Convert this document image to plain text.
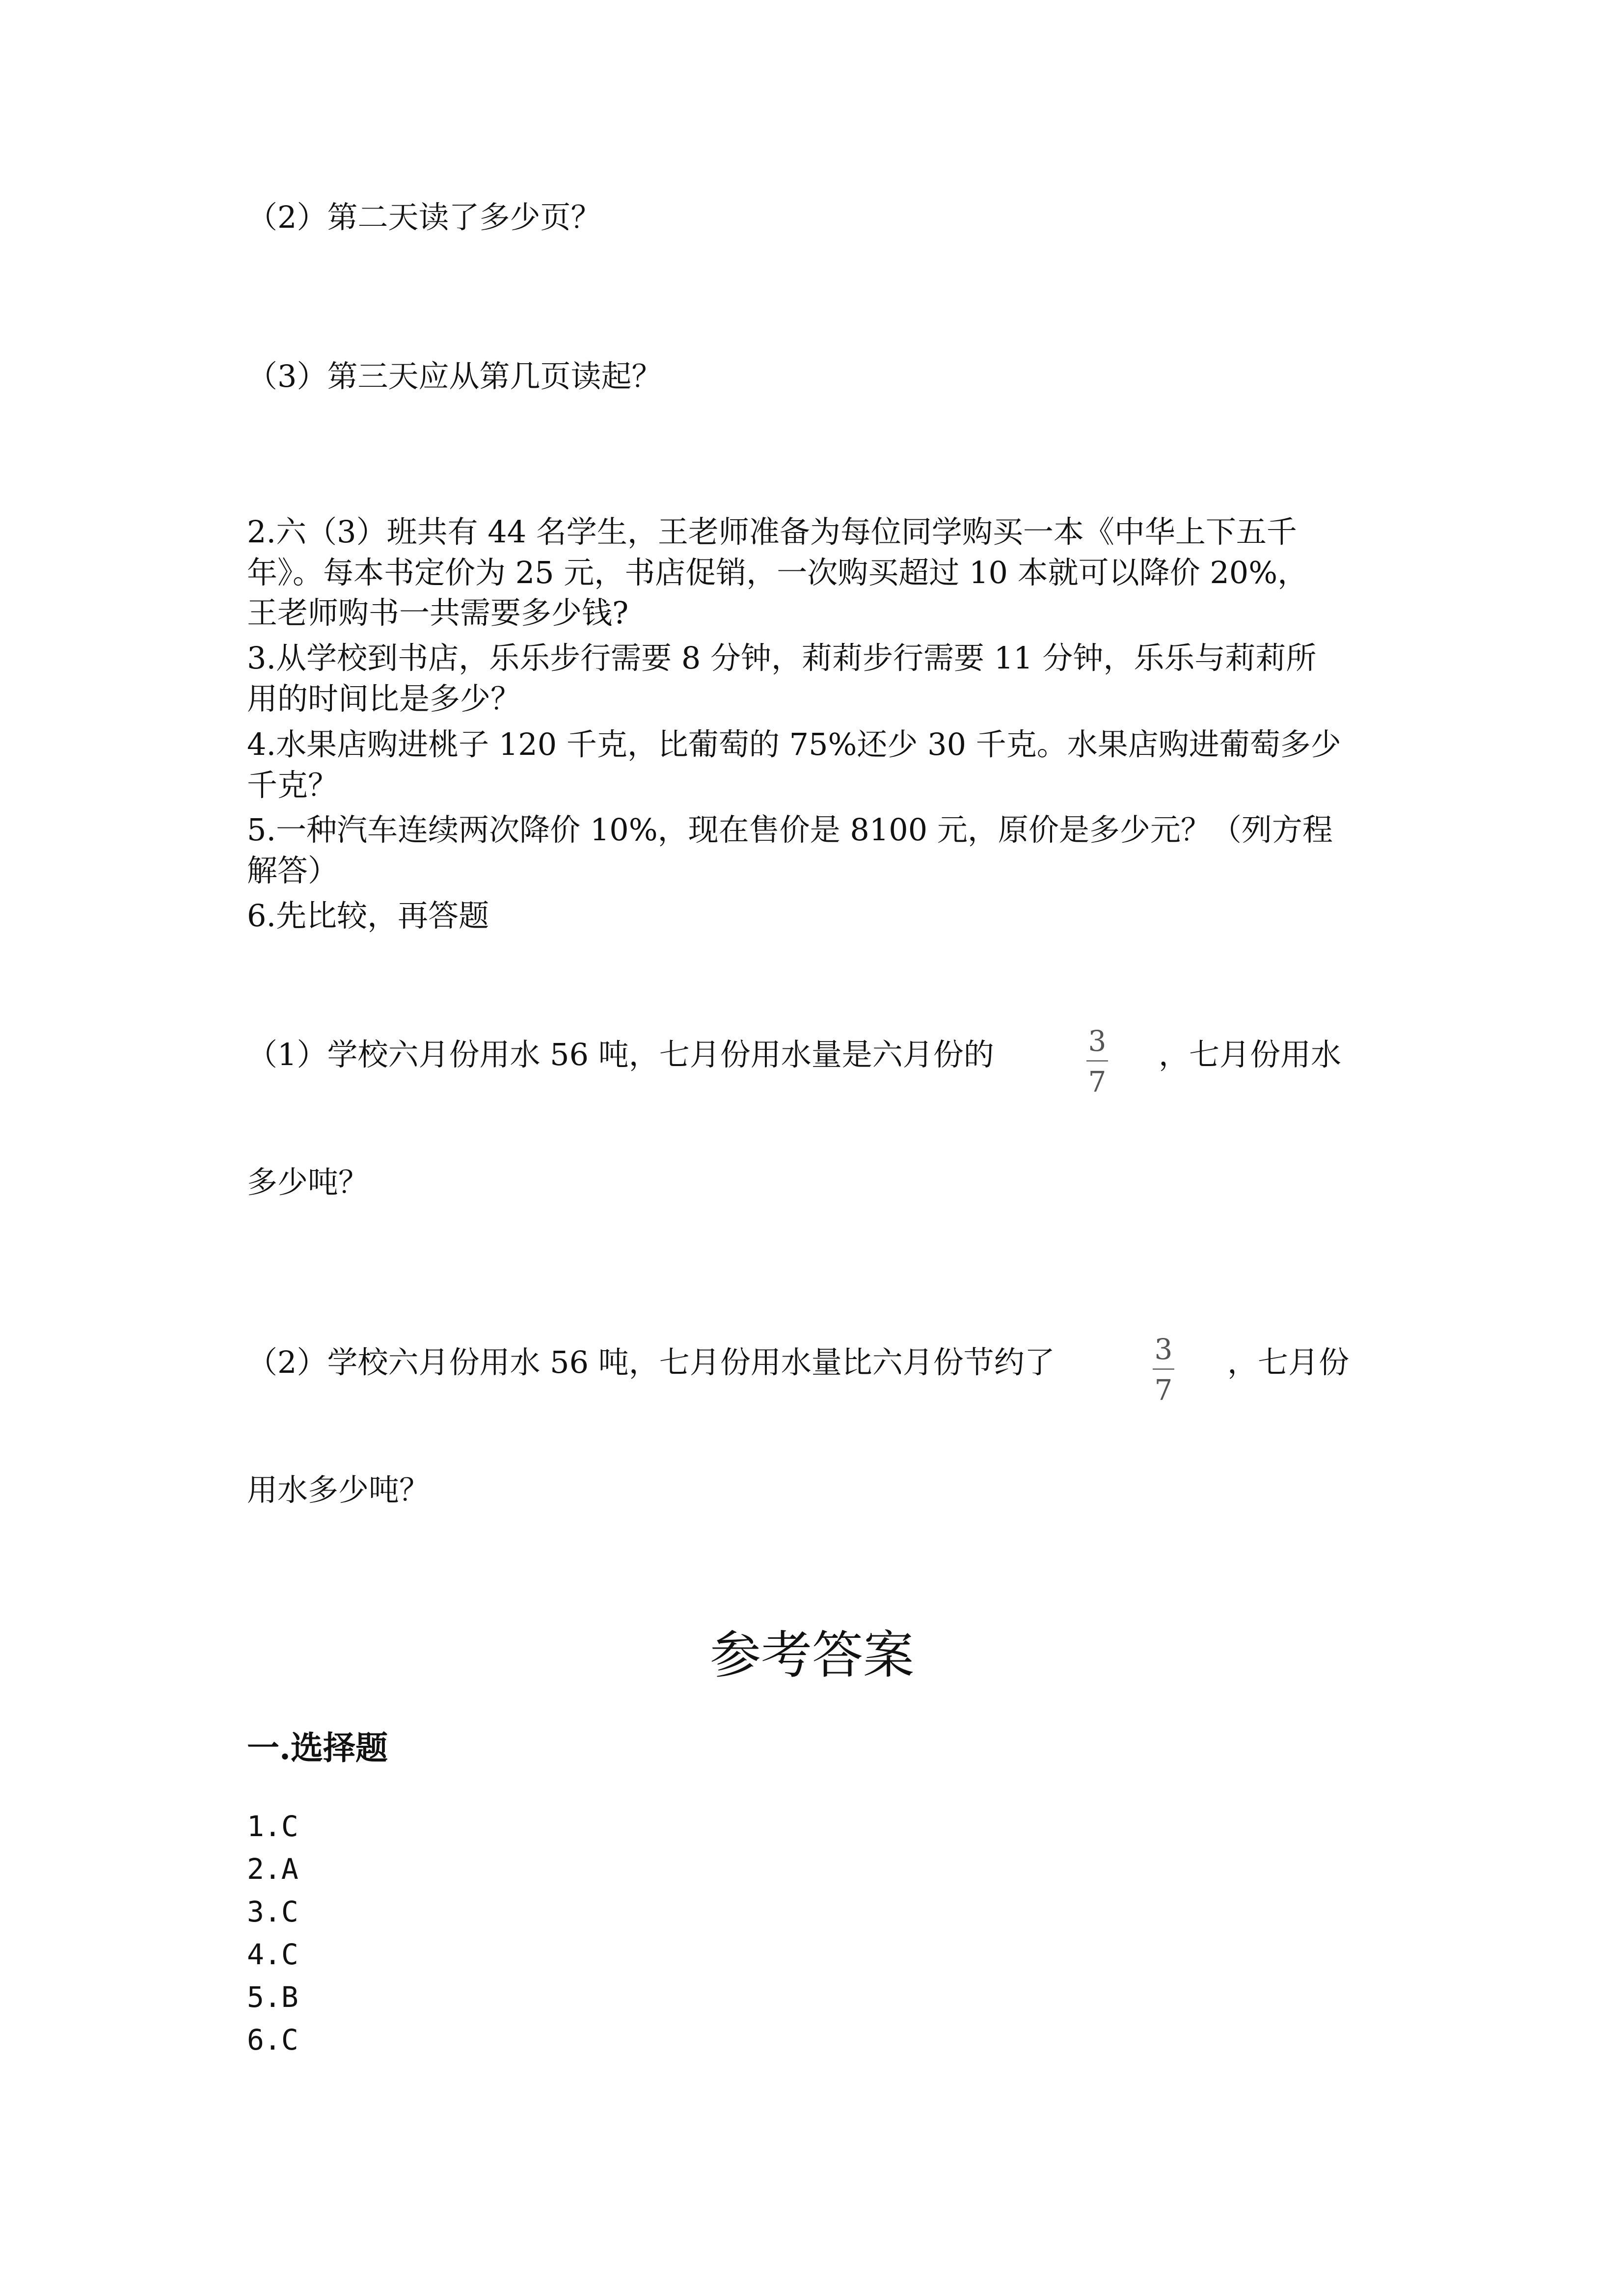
（2）第二天读了多少页？
（3）第三天应从第几页读起？
2.六（3）班共有 44 名学生，王老师准备为每位同学购买一本《中华上下五千
年》。每本书定价为 25 元，书店促销，一次购买超过 10 本就可以降价 20%，
王老师购书一共需要多少钱?
3.从学校到书店，乐乐步行需要 8 分钟，莉莉步行需要 11 分钟，乐乐与莉莉所
用的时间比是多少？
4.水果店购进桃子 120 千克，比葡萄的 75%还少 30 千克。水果店购进葡萄多少
千克？
5.一种汽车连续两次降价 10%，现在售价是 8100 元，原价是多少元？（列方程
解答）
6.先比较，再答题
（1）学校六月份用水 56 吨，七月份用水量是六月份的	3
7
，七月份用水
多少吨？
（2）学校六月份用水 56 吨，七月份用水量比六月份节约了	3
7
，七月份
用水多少吨？
参考答案
一.选择题
1.C
2.A
3.C
4.C
5.B
6.C
